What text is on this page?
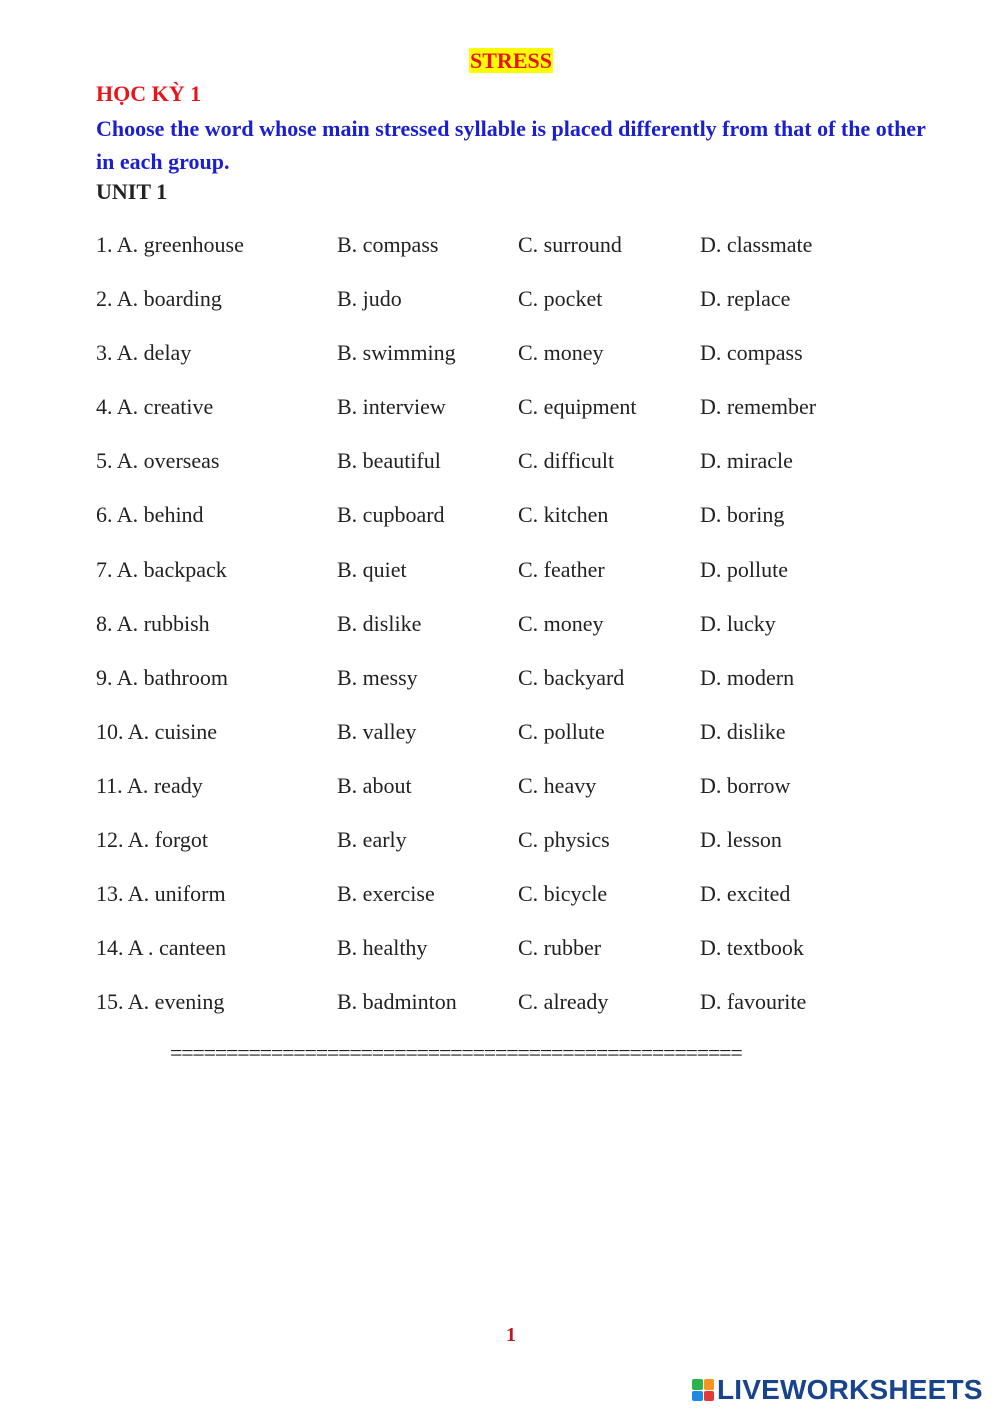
STRESS
HỌC KỲ 1
Choose the word whose main stressed syllable is placed differently from that of the other in each group.
UNIT 1
1. A. greenhouse	B. compass	C. surround	D. classmate
2. A. boarding	B. judo	C. pocket	D. replace
3. A. delay	B. swimming	C. money	D. compass
4. A. creative	B. interview	C. equipment	D. remember
5. A. overseas	B. beautiful	C. difficult	D. miracle
6. A. behind	B. cupboard	C. kitchen	D. boring
7. A. backpack	B. quiet	C. feather	D. pollute
8. A. rubbish	B. dislike	C. money	D. lucky
9. A. bathroom	B. messy	C. backyard	D. modern
10. A. cuisine	B. valley	C. pollute	D. dislike
11. A. ready	B. about	C. heavy	D. borrow
12. A. forgot	B. early	C. physics	D. lesson
13. A. uniform	B. exercise	C. bicycle	D. excited
14. A . canteen	B. healthy	C. rubber	D. textbook
15. A. evening	B. badminton	C. already	D. favourite
===================================================
1
LIVEWORKSHEETS
